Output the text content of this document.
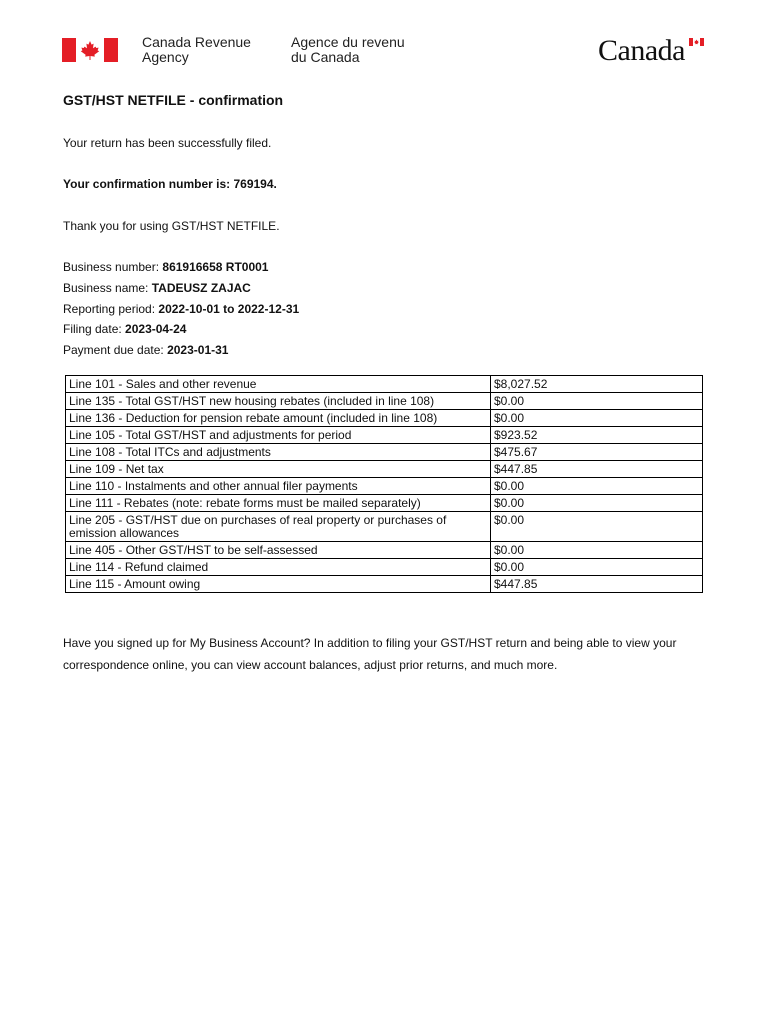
Canada Revenue
Agency
Agence du revenu
du Canada	Canada
GST/HST NETFILE - confirmation
Your return has been successfully filed.
Your confirmation number is: 769194.
Thank you for using GST/HST NETFILE.
Business number: 861916658 RT0001
Business name: TADEUSZ ZAJAC
Reporting period: 2022-10-01 to 2022-12-31
Filing date: 2023-04-24
Payment due date: 2023-01-31
Line 101 - Sales and other revenue	$8,027.52
Line 135 - Total GST/HST new housing rebates (included in line 108)	$0.00
Line 136 - Deduction for pension rebate amount (included in line 108)	$0.00
Line 105 - Total GST/HST and adjustments for period	$923.52
Line 108 - Total ITCs and adjustments	$475.67
Line 109 - Net tax	$447.85
Line 110 - Instalments and other annual filer payments	$0.00
Line 111 - Rebates (note: rebate forms must be mailed separately)	$0.00
Line 205 - GST/HST due on purchases of real property or purchases of emission allowances	$0.00
Line 405 - Other GST/HST to be self-assessed	$0.00
Line 114 - Refund claimed	$0.00
Line 115 - Amount owing	$447.85
Have you signed up for My Business Account? In addition to filing your GST/HST return and being able to view your correspondence online, you can view account balances, adjust prior returns, and much more.
